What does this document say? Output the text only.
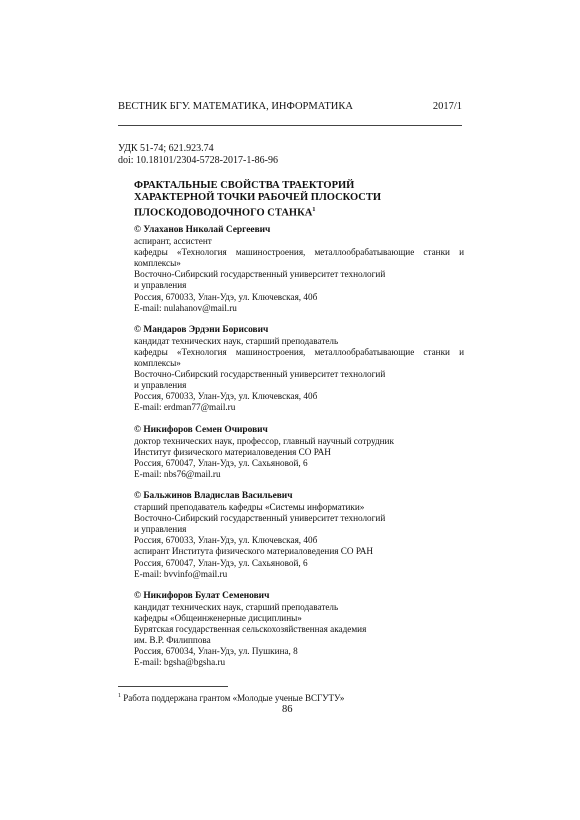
ВЕСТНИК БГУ. МАТЕМАТИКА, ИНФОРМАТИКА	2017/1
УДК 51-74; 621.923.74
doi: 10.18101/2304-5728-2017-1-86-96
ФРАКТАЛЬНЫЕ СВОЙСТВА ТРАЕКТОРИЙ
ХАРАКТЕРНОЙ ТОЧКИ РАБОЧЕЙ ПЛОСКОСТИ
ПЛОСКОДОВОДОЧНОГО СТАНКА$^1$
© Улаханов Николай Сергеевич
аспирант, ассистент
кафедры «Технология машиностроения, металлообрабатывающие станки и комплексы»
Восточно-Сибирский государственный университет технологий
и управления
Россия, 670033, Улан-Удэ, ул. Ключевская, 40б
E-mail: nulahanov@mail.ru
© Мандаров Эрдэни Борисович
кандидат технических наук, старший преподаватель
кафедры «Технология машиностроения, металлообрабатывающие станки и комплексы»
Восточно-Сибирский государственный университет технологий
и управления
Россия, 670033, Улан-Удэ, ул. Ключевская, 40б
E-mail: erdman77@mail.ru
© Никифоров Семен Очирович
доктор технических наук, профессор, главный научный сотрудник
Институт физического материаловедения СО РАН
Россия, 670047, Улан-Удэ, ул. Сахьяновой, 6
E-mail: nbs76@mail.ru
© Бальжинов Владислав Васильевич
старший преподаватель кафедры «Системы информатики»
Восточно-Сибирский государственный университет технологий
и управления
Россия, 670033, Улан-Удэ, ул. Ключевская, 40б
аспирант Института физического материаловедения СО РАН
Россия, 670047, Улан-Удэ, ул. Сахьяновой, 6
E-mail: bvvinfo@mail.ru
© Никифоров Булат Семенович
кандидат технических наук, старший преподаватель
кафедры «Общеинженерные дисциплины»
Бурятская государственная сельскохозяйственная академия
им. В.Р. Филиппова
Россия, 670034, Улан-Удэ, ул. Пушкина, 8
E-mail: bgsha@bgsha.ru
$^1$ Работа поддержана грантом «Молодые ученые ВСГУТУ»
86
